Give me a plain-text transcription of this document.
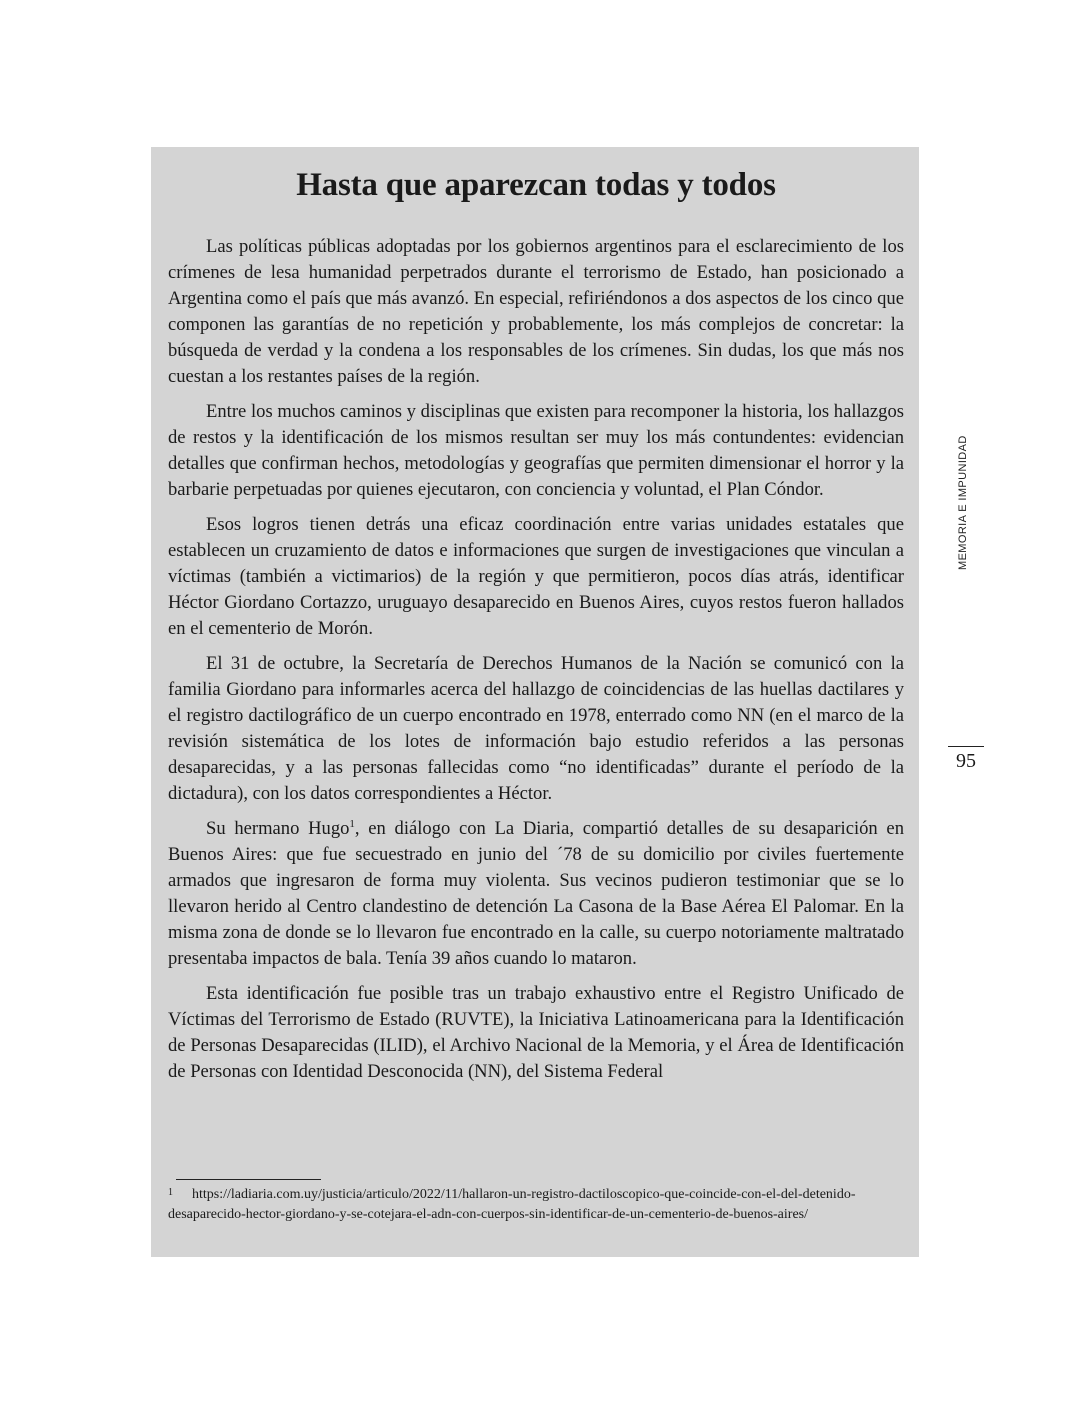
Hasta que aparezcan todas y todos

Las políticas públicas adoptadas por los gobiernos argentinos para el esclarecimiento de los crímenes de lesa humanidad perpetrados durante el terrorismo de Estado, han posicionado a Argentina como el país que más avanzó. En especial, refiriéndonos a dos aspectos de los cinco que componen las garantías de no repetición y probablemente, los más complejos de concretar: la búsqueda de verdad y la condena a los responsables de los crímenes. Sin dudas, los que más nos cuestan a los restantes países de la región.

Entre los muchos caminos y disciplinas que existen para recomponer la historia, los hallazgos de restos y la identificación de los mismos resultan ser muy los más contundentes: evidencian detalles que confirman hechos, metodologías y geografías que permiten dimensionar el horror y la barbarie perpetuadas por quienes ejecutaron, con conciencia y voluntad, el Plan Cóndor.

Esos logros tienen detrás una eficaz coordinación entre varias unidades estatales que establecen un cruzamiento de datos e informaciones que surgen de investigaciones que vinculan a víctimas (también a victimarios) de la región y que permitieron, pocos días atrás, identificar Héctor Giordano Cortazzo, uruguayo desaparecido en Buenos Aires, cuyos restos fueron hallados en el cementerio de Morón.

El 31 de octubre, la Secretaría de Derechos Humanos de la Nación se comunicó con la familia Giordano para informarles acerca del hallazgo de coincidencias de las huellas dactilares y el registro dactilográfico de un cuerpo encontrado en 1978, enterrado como NN (en el marco de la revisión sistemática de los lotes de información bajo estudio referidos a las personas desaparecidas, y a las personas fallecidas como “no identificadas” durante el período de la dictadura), con los datos correspondientes a Héctor.

Su hermano Hugo$^1$, en diálogo con La Diaria, compartió detalles de su desaparición en Buenos Aires: que fue secuestrado en junio del ´78 de su domicilio por civiles fuertemente armados que ingresaron de forma muy violenta. Sus vecinos pudieron testimoniar que se lo llevaron herido al Centro clandestino de detención La Casona de la Base Aérea El Palomar. En la misma zona de donde se lo llevaron fue encontrado en la calle, su cuerpo notoriamente maltratado presentaba impactos de bala. Tenía 39 años cuando lo mataron.

Esta identificación fue posible tras un trabajo exhaustivo entre el Registro Unificado de Víctimas del Terrorismo de Estado (RUVTE), la Iniciativa Latinoamericana para la Identificación de Personas Desaparecidas (ILID), el Archivo Nacional de la Memoria, y el Área de Identificación de Personas con Identidad Desconocida (NN), del Sistema Federal

1 https://ladiaria.com.uy/justicia/articulo/2022/11/hallaron-un-registro-dactiloscopico-que-coincide-con-el-del-detenido-desaparecido-hector-giordano-y-se-cotejara-el-adn-con-cuerpos-sin-identificar-de-un-cementerio-de-buenos-aires/
MEMORIA E IMPUNIDAD
95
